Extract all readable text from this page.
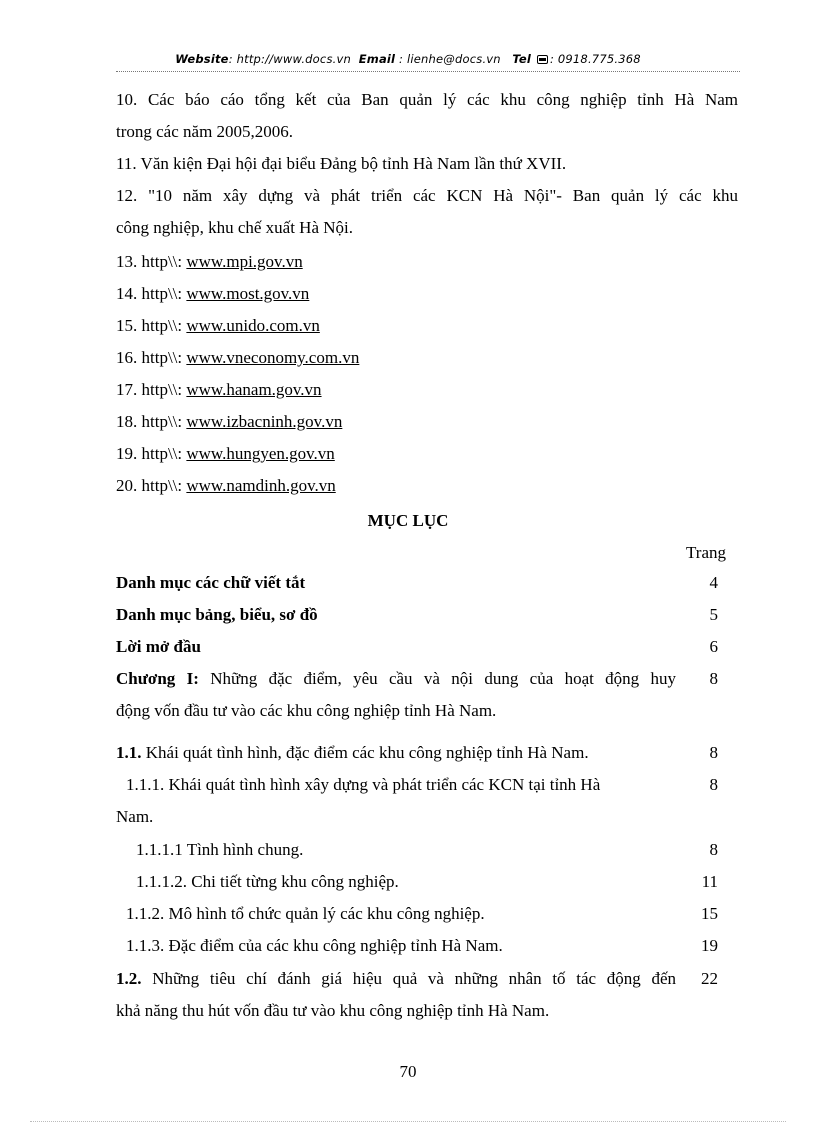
Website: http://www.docs.vn Email : lienhe@docs.vn Tel : 0918.775.368
10. Các báo cáo tổng kết của Ban quản lý các khu công nghiệp tỉnh Hà Nam
trong các năm 2005,2006.
11. Văn kiện Đại hội đại biểu Đảng bộ tỉnh Hà Nam lần thứ XVII.
12. "10 năm xây dựng và phát triển các KCN Hà Nội"- Ban quản lý các khu
công nghiệp, khu chế xuất Hà Nội.
13. http\\: www.mpi.gov.vn
14. http\\: www.most.gov.vn
15. http\\: www.unido.com.vn
16. http\\: www.vneconomy.com.vn
17. http\\: www.hanam.gov.vn
18. http\\: www.izbacninh.gov.vn
19. http\\: www.hungyen.gov.vn
20. http\\: www.namdinh.gov.vn
MỤC LỤC
Trang
Danh mục các chữ viết tắt	4
Danh mục bảng, biểu, sơ đồ	5
Lời mở đầu	6
Chương I: Những đặc điểm, yêu cầu và nội dung của hoạt động huy 8
động vốn đầu tư vào các khu công nghiệp tỉnh Hà Nam.
1.1. Khái quát tình hình, đặc điểm các khu công nghiệp tỉnh Hà Nam.	8
1.1.1. Khái quát tình hình xây dựng và phát triển các KCN tại tỉnh Hà	8
Nam.
1.1.1.1 Tình hình chung.	8
1.1.1.2. Chi tiết từng khu công nghiệp.	11
1.1.2. Mô hình tổ chức quản lý các khu công nghiệp.	15
1.1.3. Đặc điểm của các khu công nghiệp tỉnh Hà Nam.	19
1.2. Những tiêu chí đánh giá hiệu quả và những nhân tố tác động đến 22
khả năng thu hút vốn đầu tư vào khu công nghiệp tỉnh Hà Nam.
70
